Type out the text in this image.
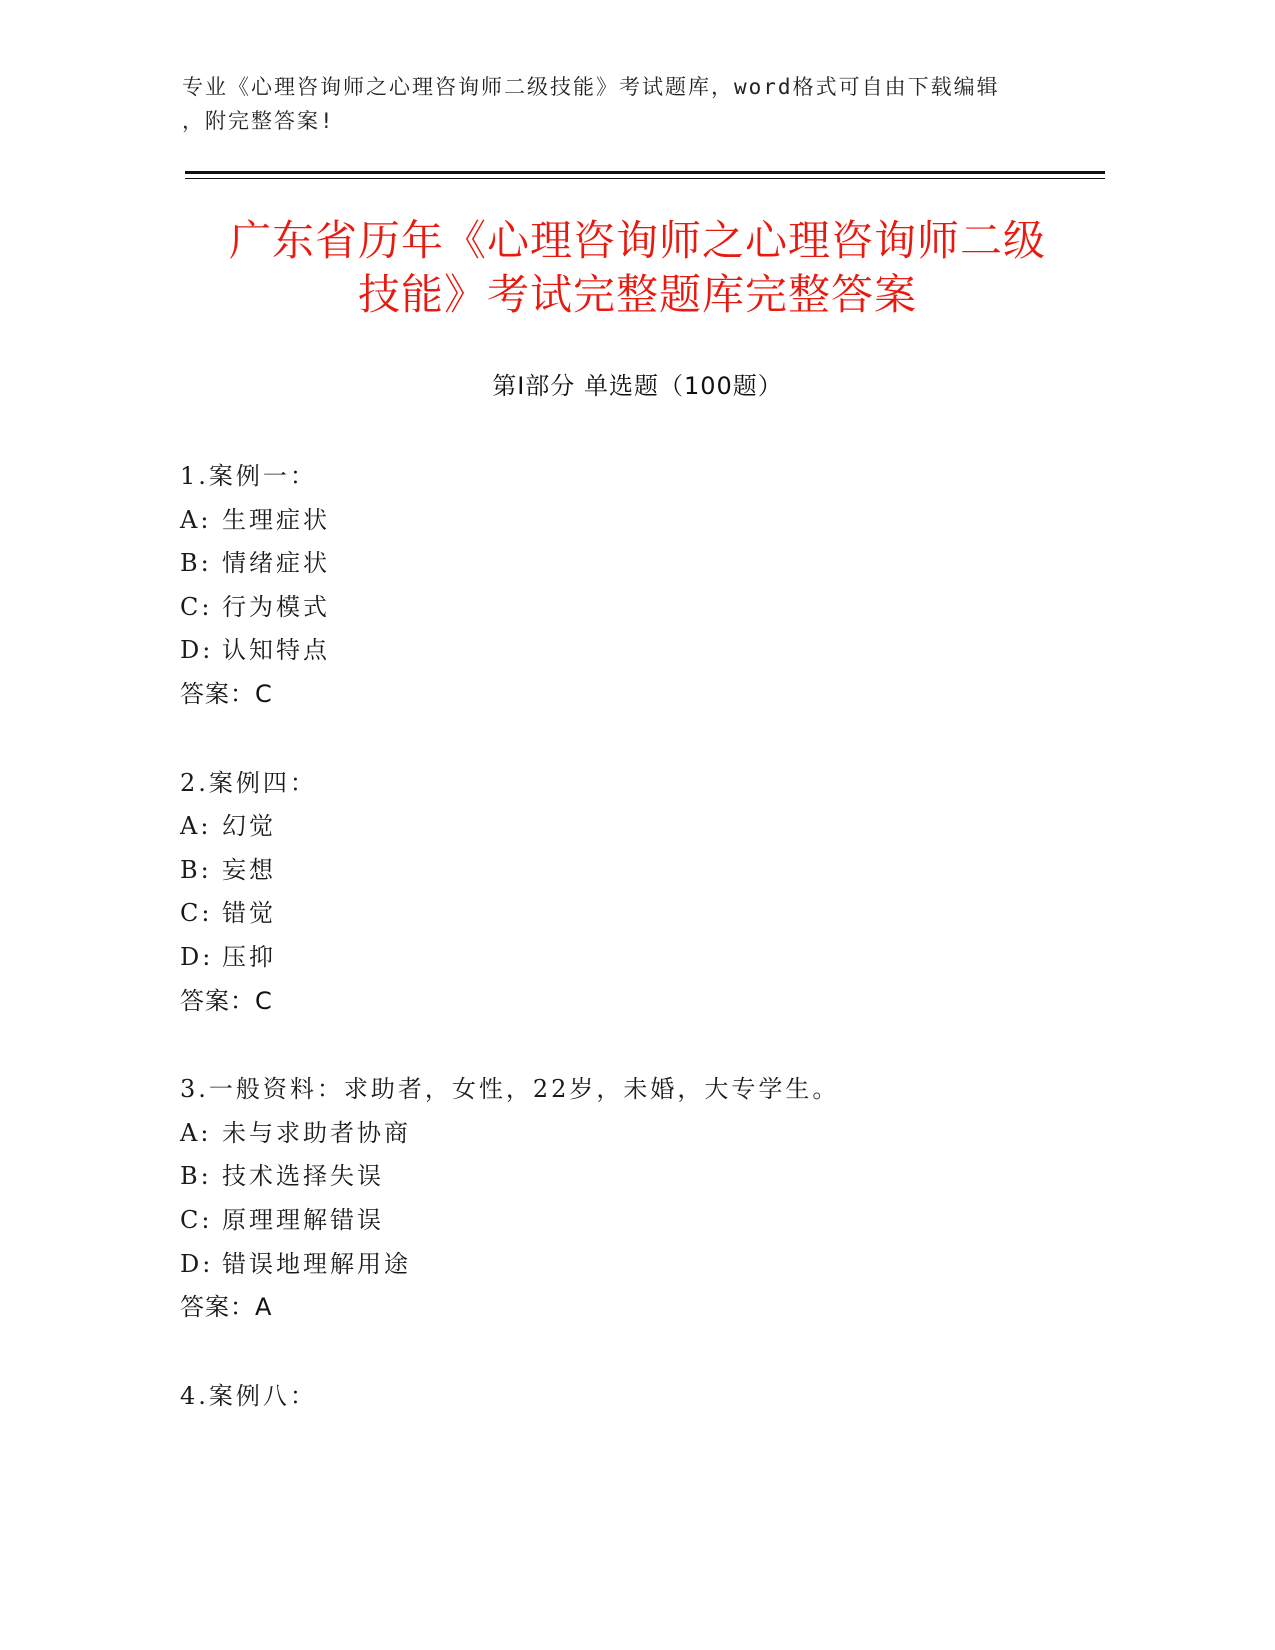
专业《心理咨询师之心理咨询师二级技能》考试题库，word格式可自由下载编辑
，附完整答案!
广东省历年《心理咨询师之心理咨询师二级
技能》考试完整题库完整答案
第Ⅰ部分 单选题（100题）
1.案例一：
A: 生理症状
B: 情绪症状
C: 行为模式
D: 认知特点
答案：C
2.案例四：
A: 幻觉
B: 妄想
C: 错觉
D: 压抑
答案：C
3.一般资料：求助者，女性，22岁，未婚，大专学生。
A: 未与求助者协商
B: 技术选择失误
C: 原理理解错误
D: 错误地理解用途
答案：A
4.案例八：
